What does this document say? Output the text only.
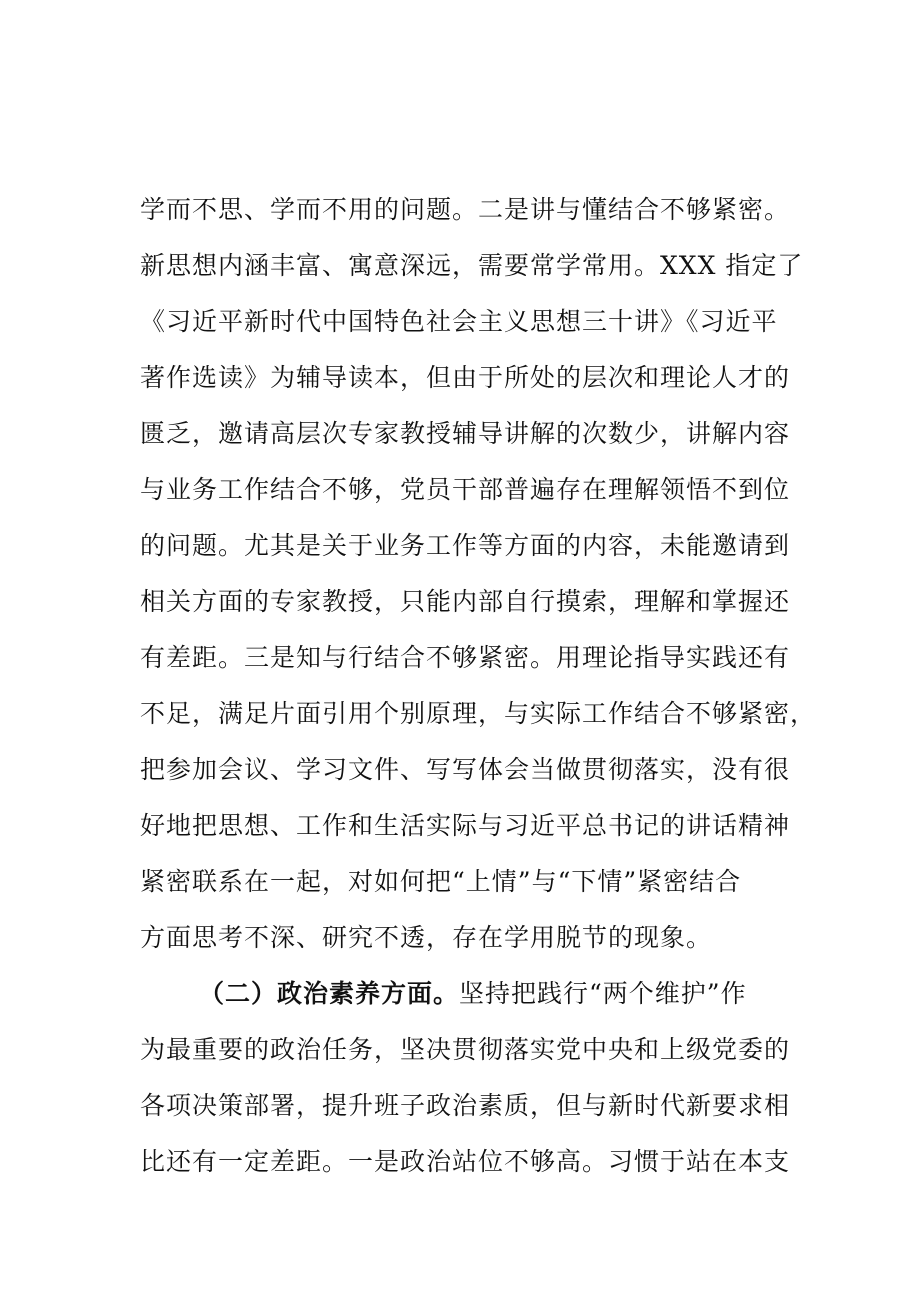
学而不思、学而不用的问题。二是讲与懂结合不够紧密。
新思想内涵丰富、寓意深远，需要常学常用。XXX 指定了
《习近平新时代中国特色社会主义思想三十讲》《习近平
著作选读》为辅导读本，但由于所处的层次和理论人才的
匮乏，邀请高层次专家教授辅导讲解的次数少，讲解内容
与业务工作结合不够，党员干部普遍存在理解领悟不到位
的问题。尤其是关于业务工作等方面的内容，未能邀请到
相关方面的专家教授，只能内部自行摸索，理解和掌握还
有差距。三是知与行结合不够紧密。用理论指导实践还有
不足，满足片面引用个别原理，与实际工作结合不够紧密，
把参加会议、学习文件、写写体会当做贯彻落实，没有很
好地把思想、工作和生活实际与习近平总书记的讲话精神
紧密联系在一起，对如何把“上情”与“下情”紧密结合
方面思考不深、研究不透，存在学用脱节的现象。
（二）政治素养方面。坚持把践行“两个维护”作
为最重要的政治任务，坚决贯彻落实党中央和上级党委的
各项决策部署，提升班子政治素质，但与新时代新要求相
比还有一定差距。一是政治站位不够高。习惯于站在本支
